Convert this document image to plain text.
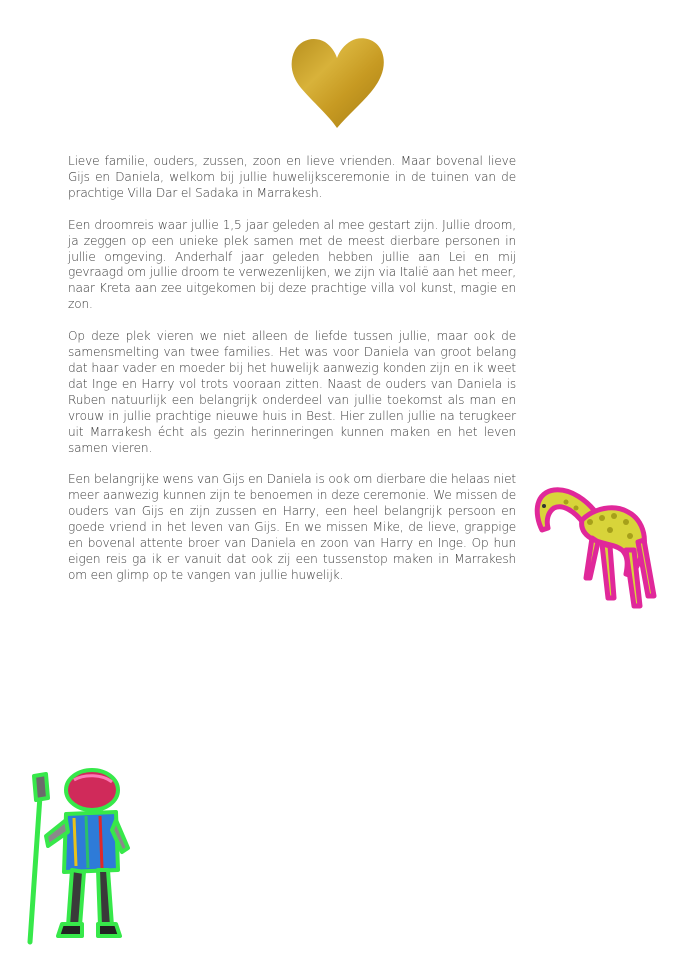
Lieve familie, ouders, zussen, zoon en lieve vrienden. Maar bovenal lieve Gijs en Daniela, welkom bij jullie huwelijksceremonie in de tuinen van de prachtige Villa Dar el Sadaka in Marrakesh.

Een droomreis waar jullie 1,5 jaar geleden al mee gestart zijn. Jullie droom, ja zeggen op een unieke plek samen met de meest dierbare personen in jullie omgeving. Anderhalf jaar geleden hebben jullie aan Lei en mij gevraagd om jullie droom te verwezenlijken, we zijn via Italië aan het meer, naar Kreta aan zee uitgekomen bij deze prachtige villa vol kunst, magie en zon.

Op deze plek vieren we niet alleen de liefde tussen jullie, maar ook de samensmelting van twee families. Het was voor Daniela van groot belang dat haar vader en moeder bij het huwelijk aanwezig konden zijn en ik weet dat Inge en Harry vol trots vooraan zitten. Naast de ouders van Daniela is Ruben natuurlijk een belangrijk onderdeel van jullie toekomst als man en vrouw in jullie prachtige nieuwe huis in Best. Hier zullen jullie na terugkeer uit Marrakesh écht als gezin herinneringen kunnen maken en het leven samen vieren.

Een belangrijke wens van Gijs en Daniela is ook om dierbare die helaas niet meer aanwezig kunnen zijn te benoemen in deze ceremonie. We missen de ouders van Gijs en zijn zussen en Harry, een heel belangrijk persoon en goede vriend in het leven van Gijs. En we missen Mike, de lieve, grappige en bovenal attente broer van Daniela en zoon van Harry en Inge. Op hun eigen reis ga ik er vanuit dat ook zij een tussenstop maken in Marrakesh om een glimp op te vangen van jullie huwelijk.
